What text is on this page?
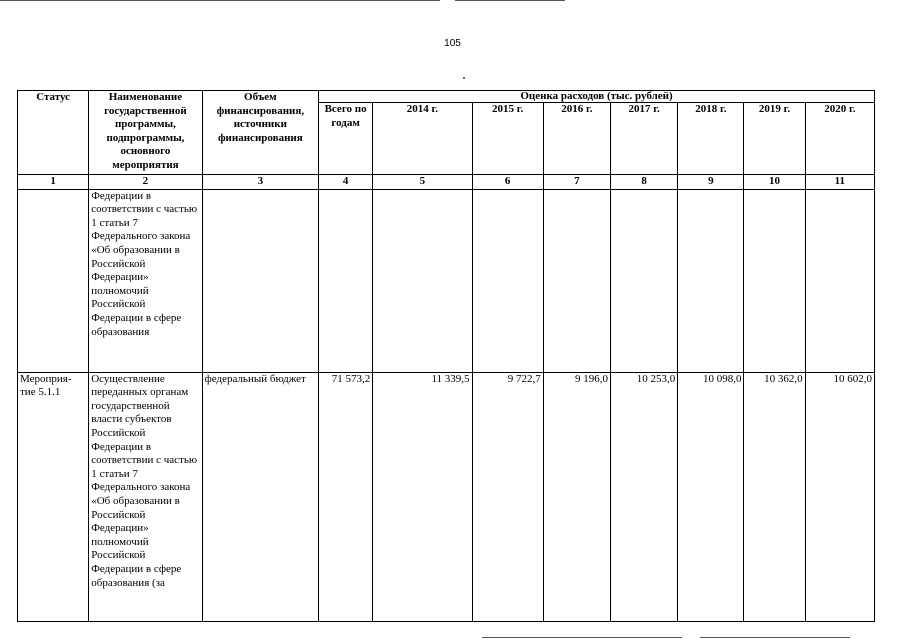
105
Статус	Наименование государственной программы, подпрограммы, основного мероприятия	Объем финансирования, источники финансирования	Оценка расходов (тыс. рублей)							
			Всего по годам	2014 г.	2015 г.	2016 г.	2017 г.	2018 г.	2019 г.	2020 г.
1	2	3	4	5	6	7	8	9	10	11
	Федерации в соответствии с частью 1 статьи 7 Федерального закона «Об образовании в Российской Федерации» полномочий Российской Федерации в сфере образования									
Мероприя-тие 5.1.1	Осуществление переданных органам государственной власти субъектов Российской Федерации в соответствии с частью 1 статьи 7 Федерального закона «Об образовании в Российской Федерации» полномочий Российской Федерации в сфере образования (за	федеральный бюджет	71 573,2	11 339,5	9 722,7	9 196,0	10 253,0	10 098,0	10 362,0	10 602,0
